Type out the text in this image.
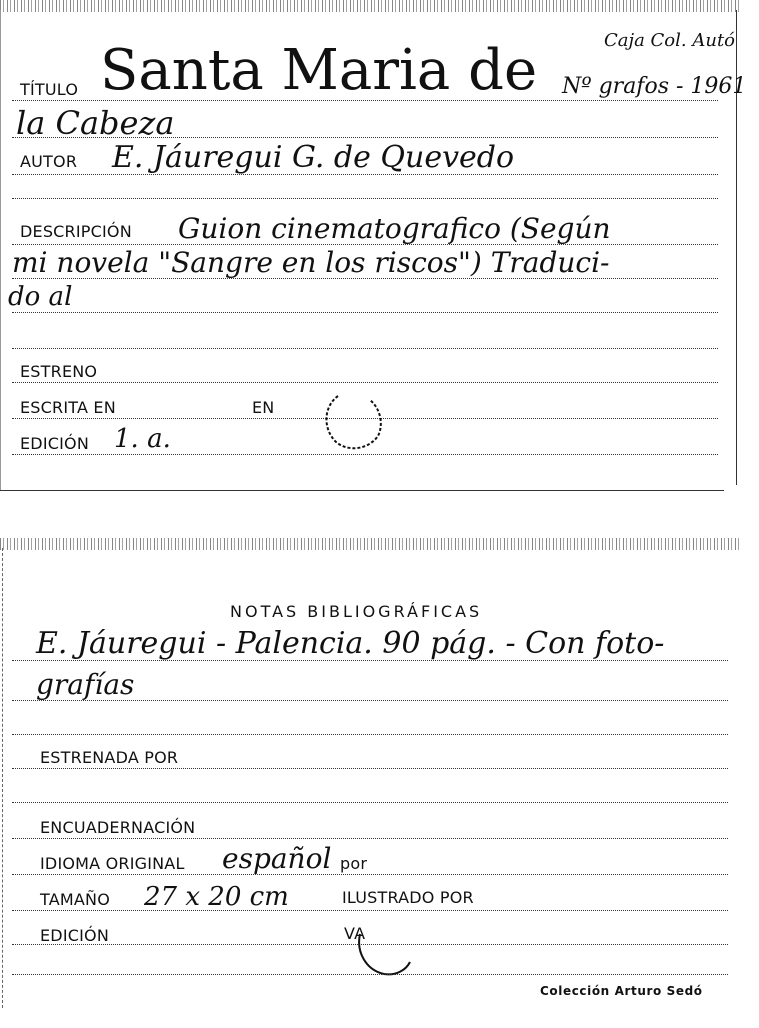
Caja Col. Autó
TÍTULO Santa Maria de Nº grafos - 1961
la Cabeza
AUTOR E. Jáuregui G. de Quevedo
DESCRIPCIÓN Guion cinematografico (Según
mi novela "Sangre en los riscos") Traduci-
do al
ESTRENO
ESCRITA EN	EN
EDICIÓN 1. a.
NOTAS BIBLIOGRÁFICAS
E. Jáuregui - Palencia. 90 pág. - Con foto-
grafías
ESTRENADA POR
ENCUADERNACIÓN
IDIOMA ORIGINAL español por
TAMAÑO 27 x 20 cm	ILUSTRADO POR
EDICIÓN	VA
Colección Arturo Sedó
